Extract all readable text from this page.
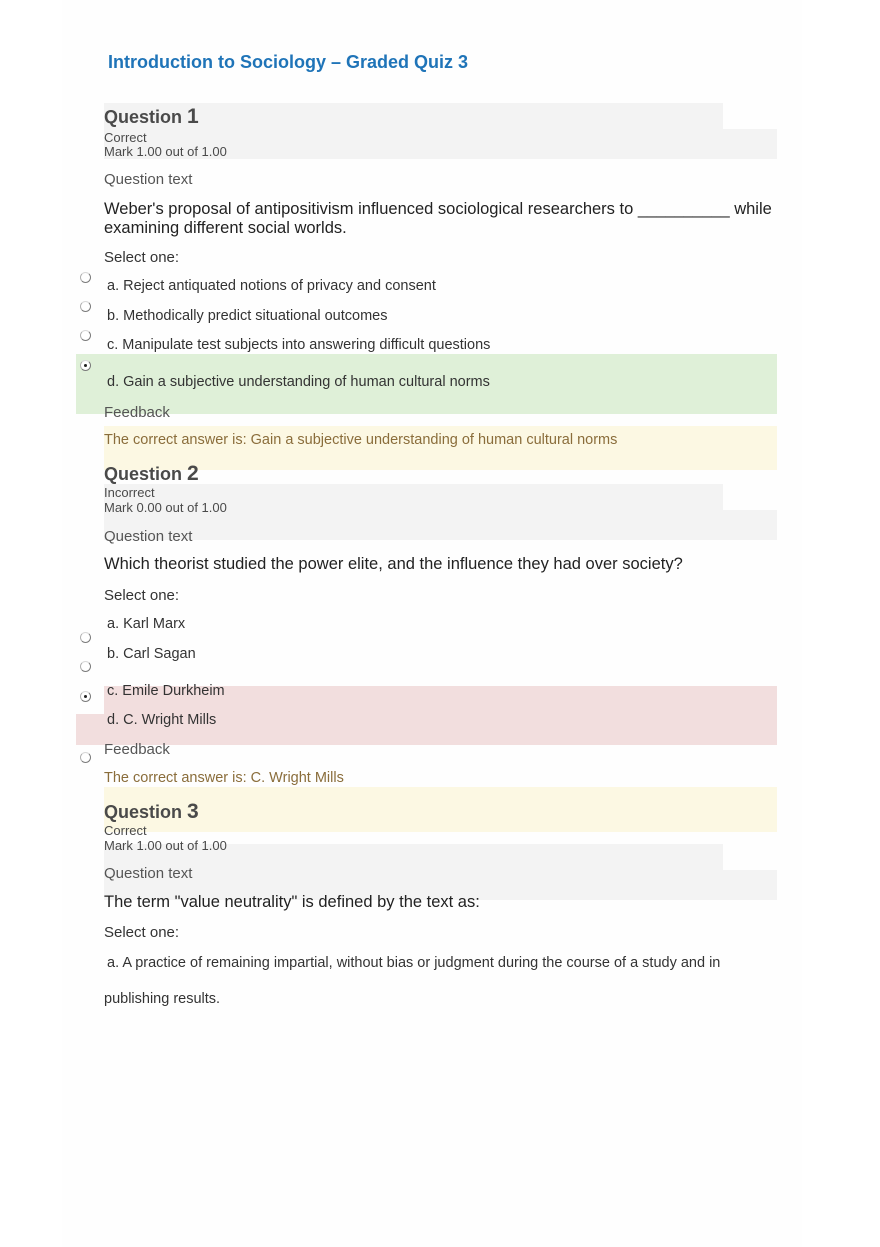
Introduction to Sociology – Graded Quiz 3
Question 1
Correct
Mark 1.00 out of 1.00
Question text
Weber's proposal of antipositivism influenced sociological researchers to __________ while examining different social worlds.
Select one:
a. Reject antiquated notions of privacy and consent
b. Methodically predict situational outcomes
c. Manipulate test subjects into answering difficult questions
d. Gain a subjective understanding of human cultural norms
Feedback
The correct answer is: Gain a subjective understanding of human cultural norms
Question 2
Incorrect
Mark 0.00 out of 1.00
Question text
Which theorist studied the power elite, and the influence they had over society?
Select one:
a. Karl Marx
b. Carl Sagan
c. Emile Durkheim
d. C. Wright Mills
Feedback
The correct answer is: C. Wright Mills
Question 3
Correct
Mark 1.00 out of 1.00
Question text
The term "value neutrality" is defined by the text as:
Select one:
a. A practice of remaining impartial, without bias or judgment during the course of a study and in
publishing results.
